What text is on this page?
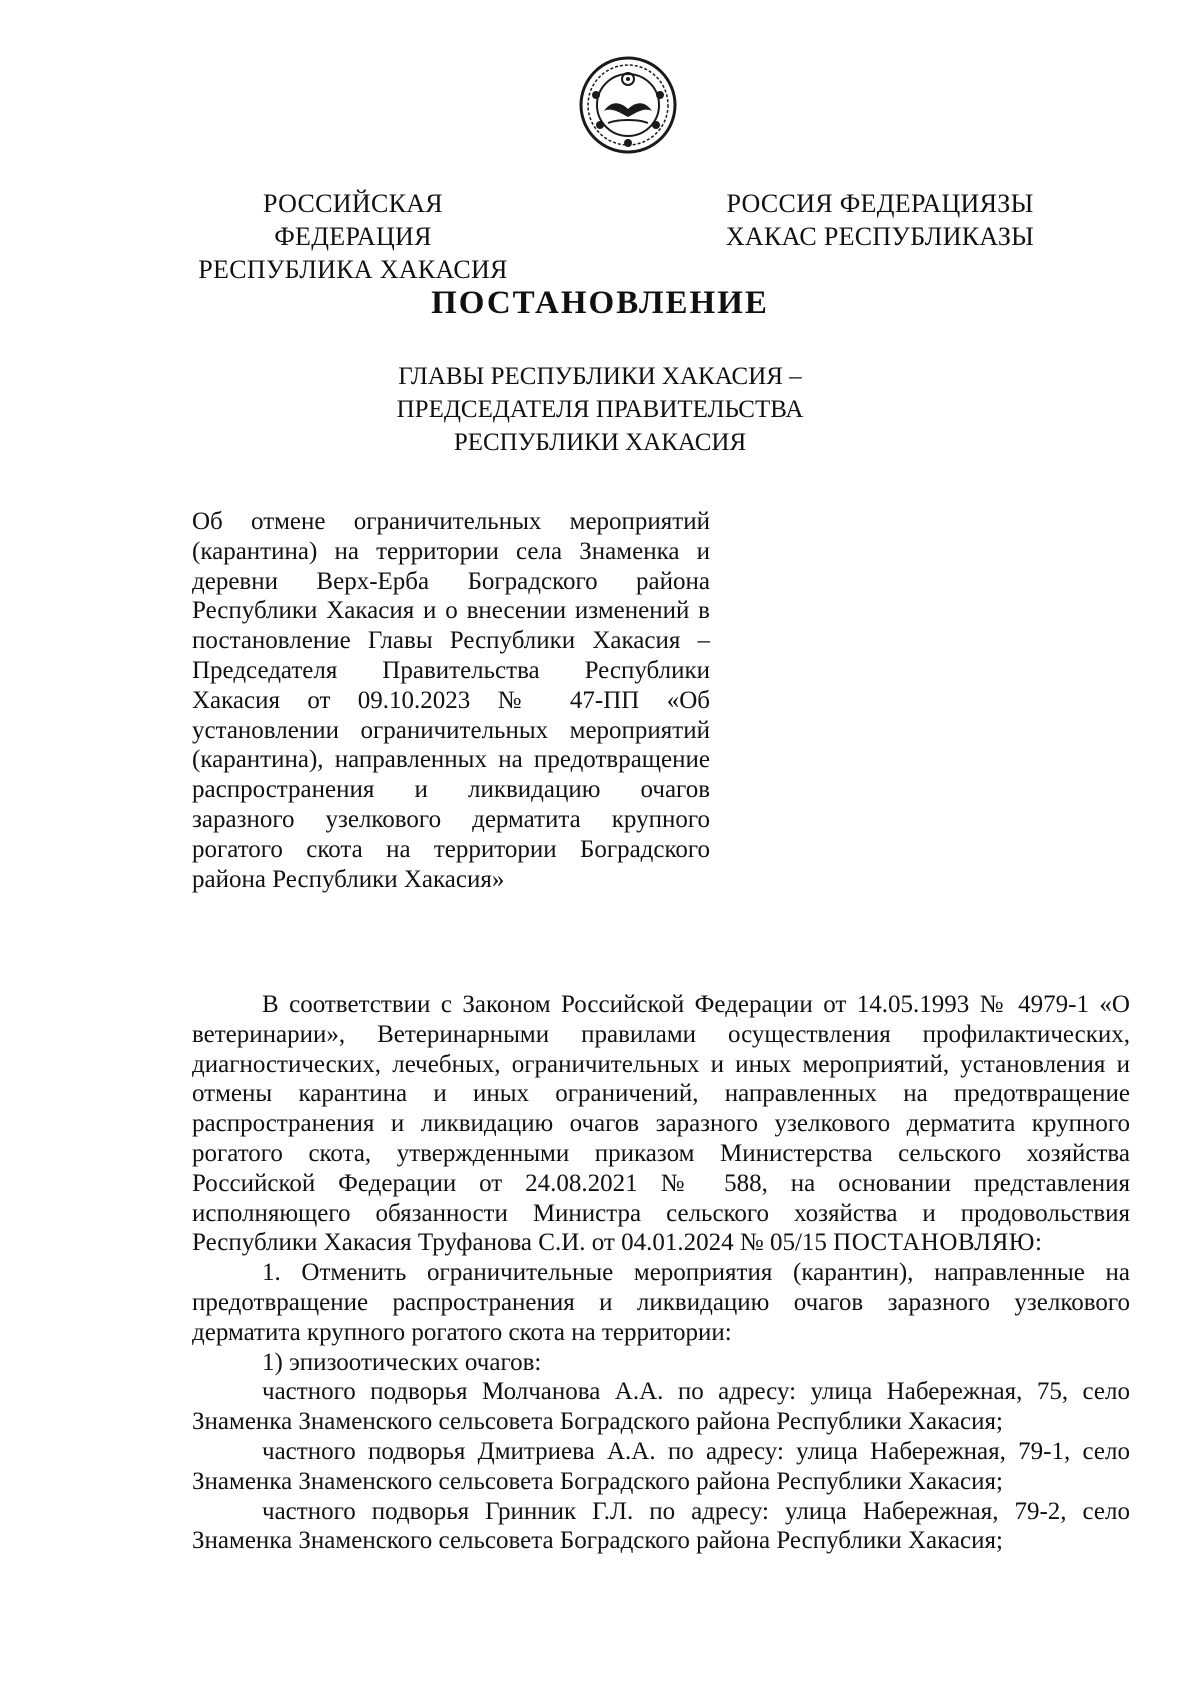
РОССИЙСКАЯ ФЕДЕРАЦИЯ
РЕСПУБЛИКА ХАКАСИЯ
РОССИЯ ФЕДЕРАЦИЯЗЫ
ХАКАС РЕСПУБЛИКАЗЫ
ПОСТАНОВЛЕНИЕ
ГЛАВЫ РЕСПУБЛИКИ ХАКАСИЯ –
ПРЕДСЕДАТЕЛЯ ПРАВИТЕЛЬСТВА
РЕСПУБЛИКИ ХАКАСИЯ
Об отмене ограничительных мероприятий (карантина) на территории села Знаменка и деревни Верх-Ерба Боградского района Республики Хакасия и о внесении изменений в постановление Главы Республики Хакасия – Председателя Правительства Республики Хакасия от 09.10.2023 № 47-ПП «Об установлении ограничительных мероприятий (карантина), направленных на предотвращение распространения и ликвидацию очагов заразного узелкового дерматита крупного рогатого скота на территории Боградского района Республики Хакасия»

В соответствии с Законом Российской Федерации от 14.05.1993 № 4979-1 «О ветеринарии», Ветеринарными правилами осуществления профилактических, диагностических, лечебных, ограничительных и иных мероприятий, установления и отмены карантина и иных ограничений, направленных на предотвращение распространения и ликвидацию очагов заразного узелкового дерматита крупного рогатого скота, утвержденными приказом Министерства сельского хозяйства Российской Федерации от 24.08.2021 № 588, на основании представления исполняющего обязанности Министра сельского хозяйства и продовольствия Республики Хакасия Труфанова С.И. от 04.01.2024 № 05/15 ПОСТАНОВЛЯЮ:

1. Отменить ограничительные мероприятия (карантин), направленные на предотвращение распространения и ликвидацию очагов заразного узелкового дерматита крупного рогатого скота на территории:

1) эпизоотических очагов:

частного подворья Молчанова А.А. по адресу: улица Набережная, 75, село Знаменка Знаменского сельсовета Боградского района Республики Хакасия;

частного подворья Дмитриева А.А. по адресу: улица Набережная, 79-1, село Знаменка Знаменского сельсовета Боградского района Республики Хакасия;

частного подворья Гринник Г.Л. по адресу: улица Набережная, 79-2, село Знаменка Знаменского сельсовета Боградского района Республики Хакасия;
